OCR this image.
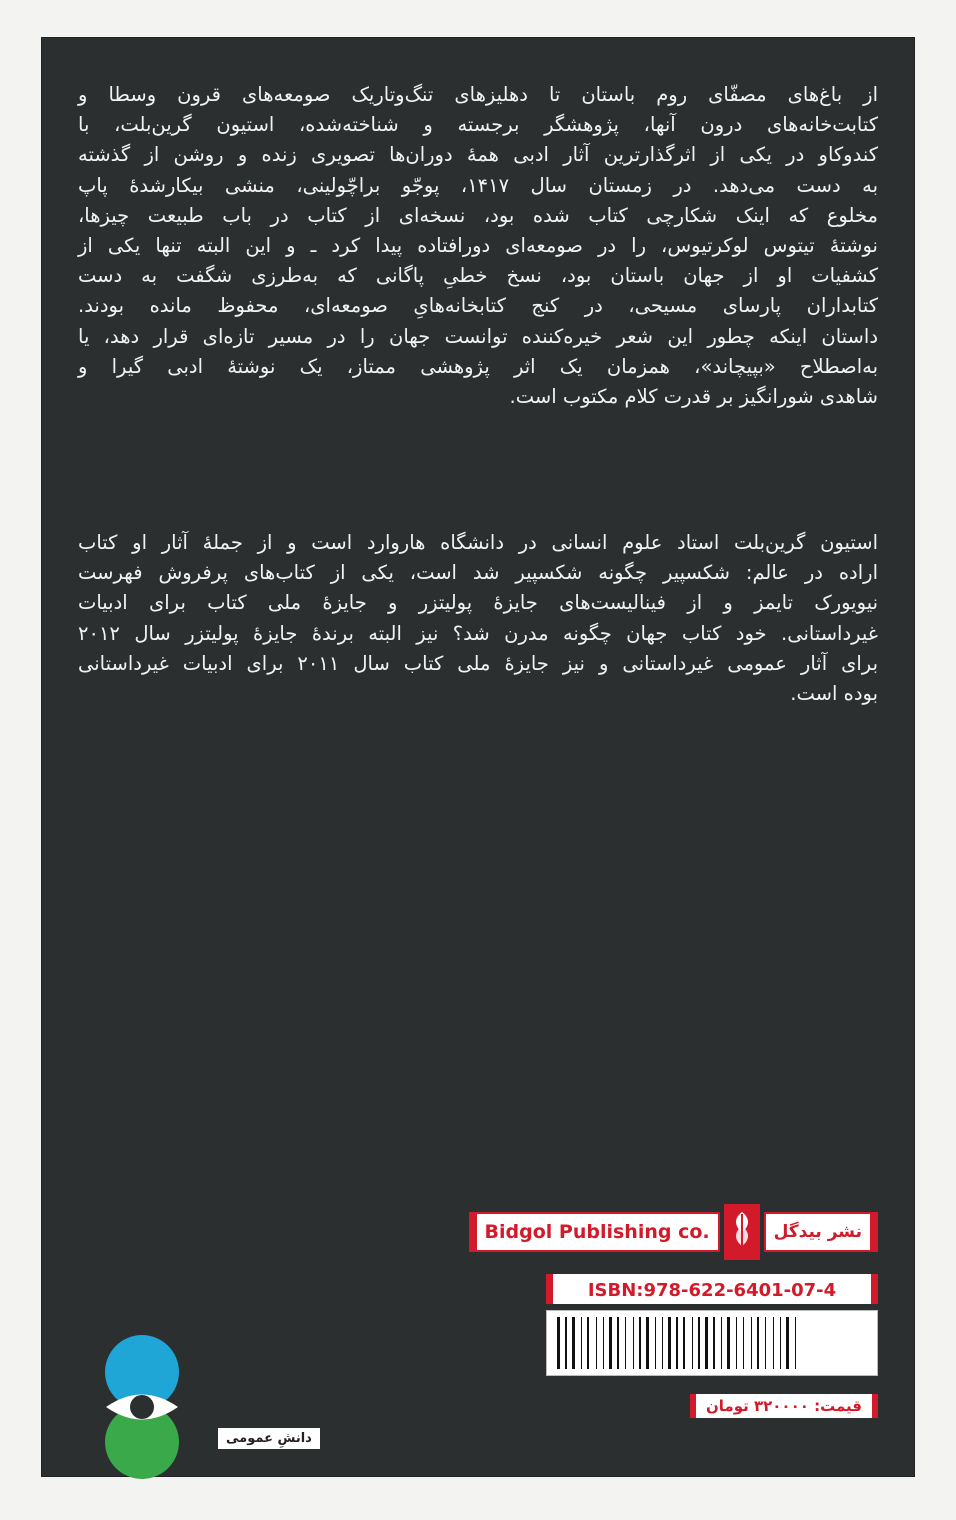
از باغ‌های مصفّای روم باستان تا دهلیزهای تنگ‌وتاریک صومعه‌های قرون وسطا و
کتابت‌خانه‌های درون آنها، پژوهشگر برجسته و شناخته‌شده، استیون گرین‌بلت، با
کندوکاو در یکی از اثرگذارترین آثار ادبی همهٔ دوران‌ها تصویری زنده و روشن از گذشته
به دست می‌دهد. در زمستان سال ۱۴۱۷، پوجّو براچّولینی، منشی بیکارشدهٔ پاپ
مخلوع که اینک شکارچی کتاب شده بود، نسخه‌ای از کتاب در باب طبیعت چیزها،
نوشتهٔ تیتوس لوکرتیوس، را در صومعه‌ای دورافتاده پیدا کرد ـ و این البته تنها یکی از
کشفیات او از جهان باستان بود، نسخ خطیِ پاگانی که به‌طرزی شگفت به دست
کتابداران پارسای مسیحی، در کنج کتابخانه‌هایِ صومعه‌ای، محفوظ مانده بودند.
داستان اینکه چطور این شعر خیره‌کننده توانست جهان را در مسیر تازه‌ای قرار دهد، یا
به‌اصطلاح «بپیچاند»، همزمان یک اثر پژوهشی ممتاز، یک نوشتهٔ ادبی گیرا و
شاهدی شورانگیز بر قدرت کلام مکتوب است.
استیون گرین‌بلت استاد علوم انسانی در دانشگاه هاروارد است و از جملهٔ آثار او کتاب
اراده در عالم: شکسپیر چگونه شکسپیر شد است، یکی از کتاب‌های پرفروش فهرست
نیویورک تایمز و از فینالیست‌های جایزهٔ پولیتزر و جایزهٔ ملی کتاب برای ادبیات
غیرداستانی. خود کتاب جهان چگونه مدرن شد؟ نیز البته برندهٔ جایزهٔ پولیتزر سال ۲۰۱۲
برای آثار عمومی غیرداستانی و نیز جایزهٔ ملی کتاب سال ۲۰۱۱ برای ادبیات غیرداستانی
بوده است.
Bidgol Publishing co.	نشر بیدگل
ISBN:978-622-6401-07-4
قیمت: ۳۲۰۰۰۰ تومان
دانشِ عمومی
